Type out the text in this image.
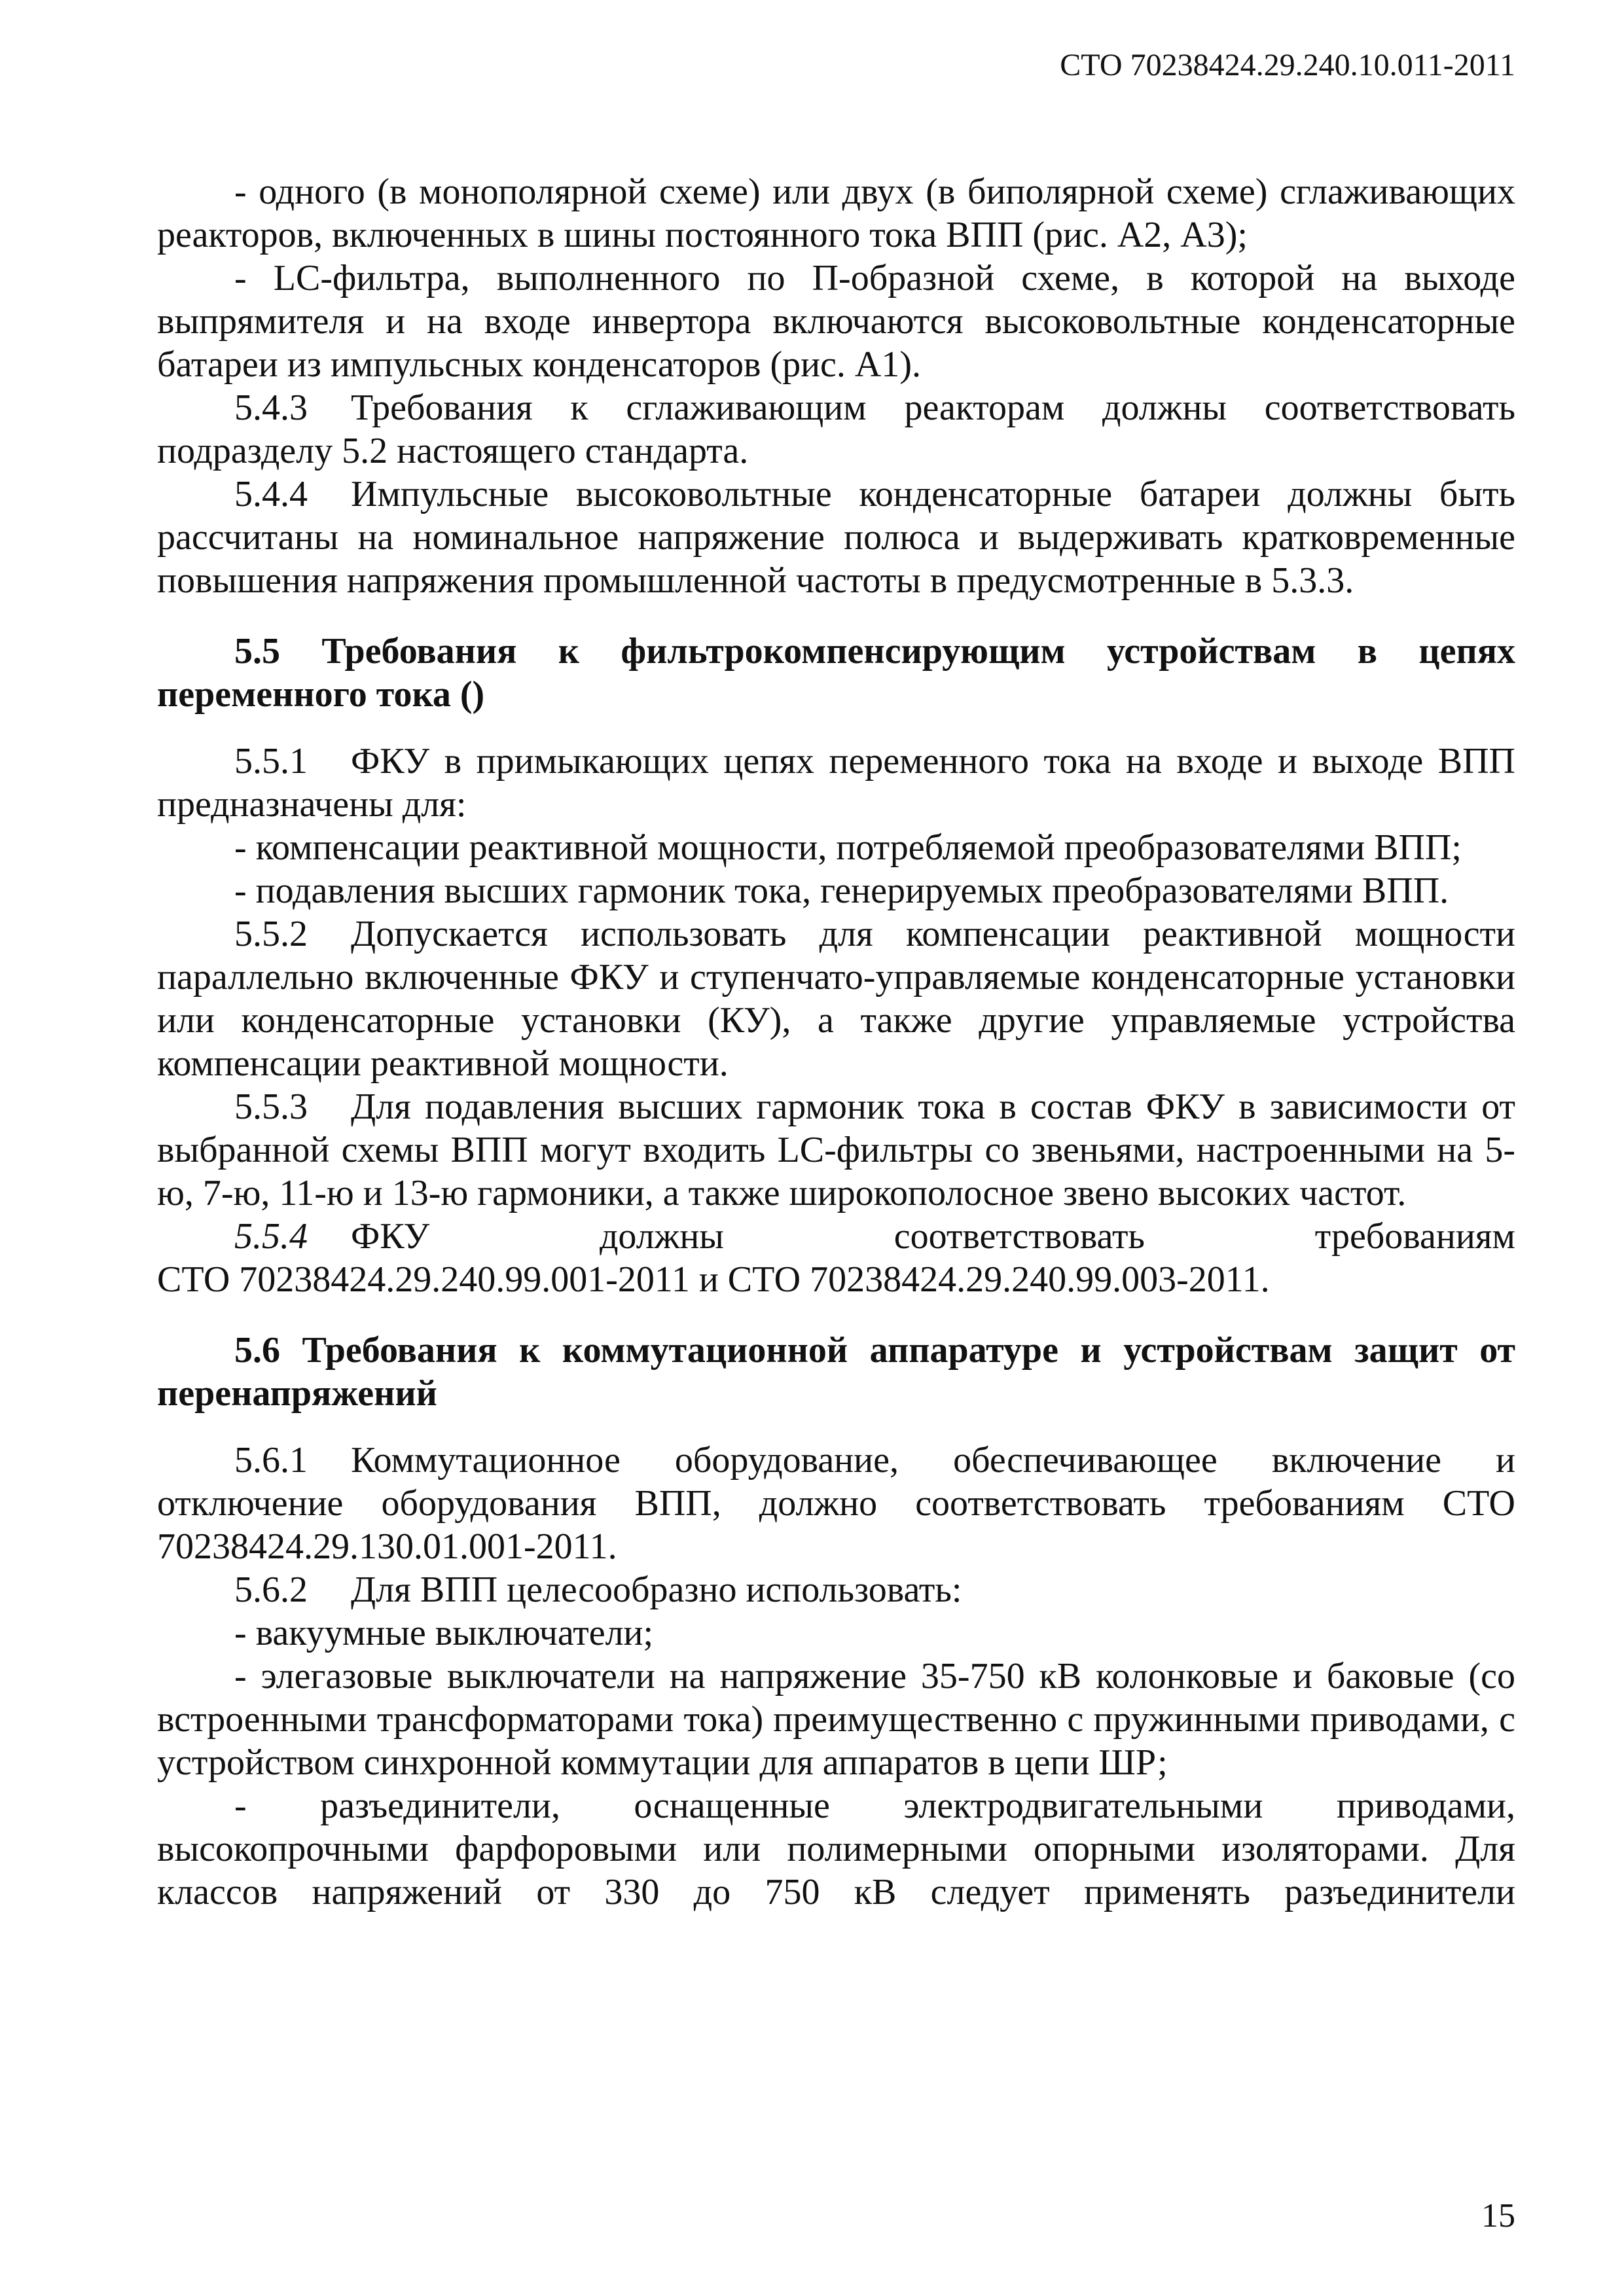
СТО 70238424.29.240.10.011-2011

- одного (в монополярной схеме) или двух (в биполярной схеме) сглаживающих реакторов, включенных в шины постоянного тока ВПП (рис. А2, А3);

- LC-фильтра, выполненного по П-образной схеме, в которой на выходе выпрямителя и на входе инвертора включаются высоковольтные конденсаторные батареи из импульсных конденсаторов (рис. А1).

5.4.3 Требования к сглаживающим реакторам должны соответствовать подразделу 5.2 настоящего стандарта.

5.4.4 Импульсные высоковольтные конденсаторные батареи должны быть рассчитаны на номинальное напряжение полюса и выдерживать кратковременные повышения напряжения промышленной частоты в предусмотренные в 5.3.3.

5.5 Требования к фильтрокомпенсирующим устройствам в цепях переменного тока ()

5.5.1 ФКУ в примыкающих цепях переменного тока на входе и выходе ВПП предназначены для:

- компенсации реактивной мощности, потребляемой преобразователями ВПП;

- подавления высших гармоник тока, генерируемых преобразователями ВПП.

5.5.2 Допускается использовать для компенсации реактивной мощности параллельно включенные ФКУ и ступенчато-управляемые конденсаторные установки или конденсаторные установки (КУ), а также другие управляемые устройства компенсации реактивной мощности.

5.5.3 Для подавления высших гармоник тока в состав ФКУ в зависимости от выбранной схемы ВПП могут входить LC-фильтры со звеньями, настроенными на 5-ю, 7-ю, 11-ю и 13-ю гармоники, а также широкополосное звено высоких частот.

5.5.4 ФКУ должны соответствовать требованиям

СТО 70238424.29.240.99.001-2011 и СТО 70238424.29.240.99.003-2011.

5.6 Требования к коммутационной аппаратуре и устройствам защит от перенапряжений

5.6.1 Коммутационное оборудование, обеспечивающее включение и отключение оборудования ВПП, должно соответствовать требованиям СТО 70238424.29.130.01.001-2011.

5.6.2 Для ВПП целесообразно использовать:

- вакуумные выключатели;

- элегазовые выключатели на напряжение 35-750 кВ колонковые и баковые (со встроенными трансформаторами тока) преимущественно с пружинными приводами, с устройством синхронной коммутации для аппаратов в цепи ШР;

- разъединители, оснащенные электродвигательными приводами, высокопрочными фарфоровыми или полимерными опорными изоляторами. Для классов напряжений от 330 до 750 кВ следует применять разъединители

15
